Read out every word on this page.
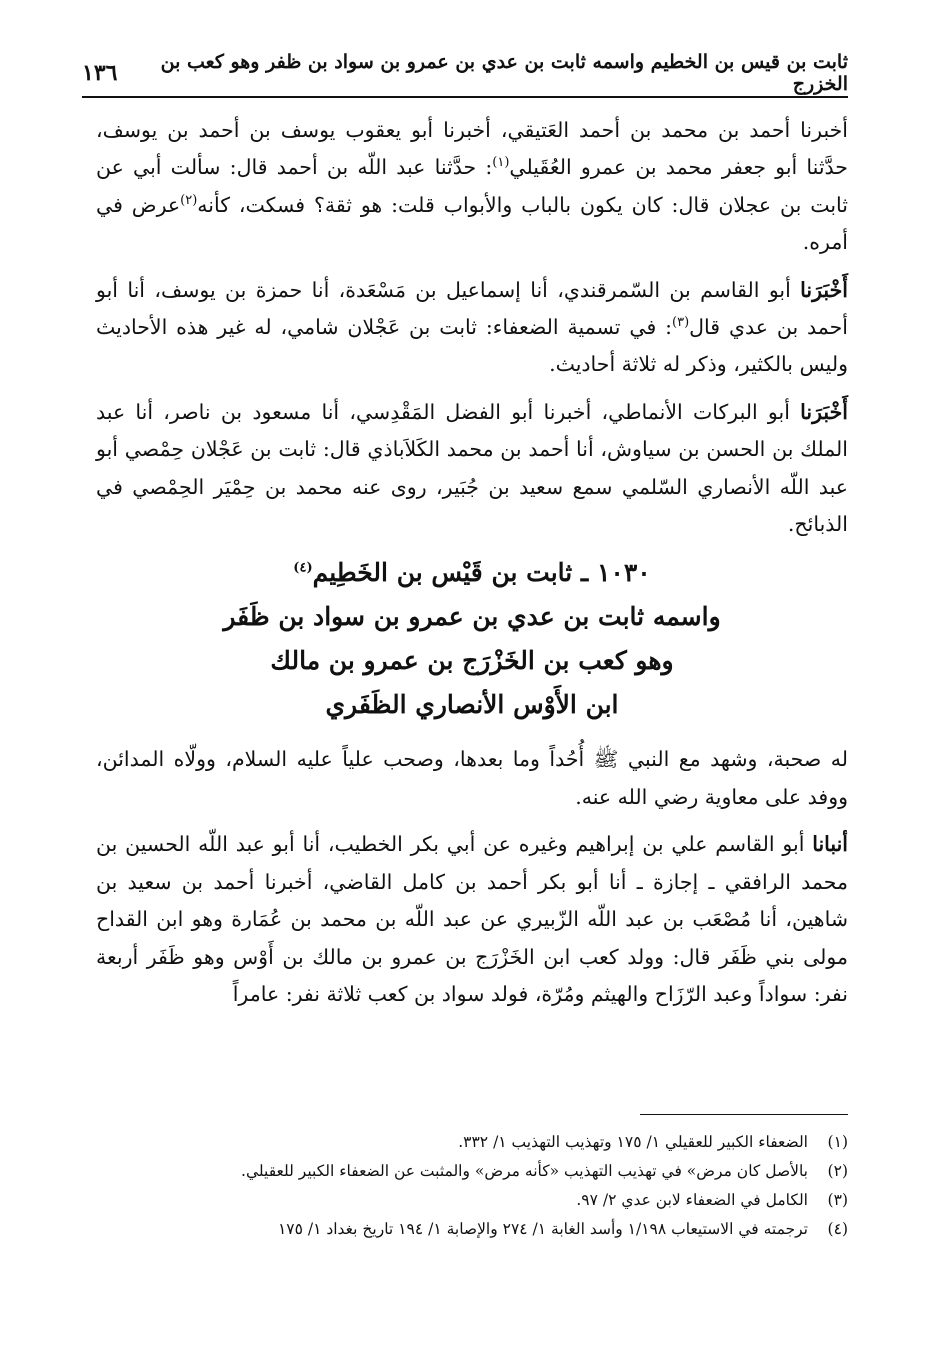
١٣٦	ثابت بن قيس بن الخطيم واسمه ثابت بن عدي بن عمرو بن سواد بن ظفر وهو كعب بن الخزرج

أخبرنا أحمد بن محمد بن أحمد العَتيقي، أخبرنا أبو يعقوب يوسف بن أحمد بن يوسف، حدَّثنا أبو جعفر محمد بن عمرو العُقَيلي$^{(١)}$: حدَّثنا عبد اللّه بن أحمد قال: سألت أبي عن ثابت بن عجلان قال: كان يكون بالباب والأبواب قلت: هو ثقة؟ فسكت، كأنه$^{(٢)}$عرض في أمره.

أَخْبَرَنا أبو القاسم بن السّمرقندي، أنا إسماعيل بن مَسْعَدة، أنا حمزة بن يوسف، أنا أبو أحمد بن عدي قال$^{(٣)}$: في تسمية الضعفاء: ثابت بن عَجْلان شامي، له غير هذه الأحاديث وليس بالكثير، وذكر له ثلاثة أحاديث.

أَخْبَرَنا أبو البركات الأنماطي، أخبرنا أبو الفضل المَقْدِسي، أنا مسعود بن ناصر، أنا عبد الملك بن الحسن بن سياوش، أنا أحمد بن محمد الكَلاَباذي قال: ثابت بن عَجْلان حِمْصي أبو عبد اللّه الأنصاري السّلمي سمع سعيد بن جُبَير، روى عنه محمد بن حِمْيَر الحِمْصي في الذبائح.

١٠٣٠ ـ ثابت بن قَيْس بن الخَطِيم$^{(٤)}$
واسمه ثابت بن عدي بن عمرو بن سواد بن ظَفَر
وهو كعب بن الخَزْرَج بن عمرو بن مالك
ابن الأَوْس الأنصاري الظَفَري

له صحبة، وشهد مع النبي ﷺ أُحُداً وما بعدها، وصحب علياً عليه السلام، وولّاه المدائن، ووفد على معاوية رضي الله عنه.

أنبانا أبو القاسم علي بن إبراهيم وغيره عن أبي بكر الخطيب، أنا أبو عبد اللّه الحسين بن محمد الرافقي ـ إجازة ـ أنا أبو بكر أحمد بن كامل القاضي، أخبرنا أحمد بن سعيد بن شاهين، أنا مُصْعَب بن عبد اللّه الزّبيري عن عبد اللّه بن محمد بن عُمَارة وهو ابن القداح مولى بني ظَفَر قال: وولد كعب ابن الخَزْرَج بن عمرو بن مالك بن أَوْس وهو ظَفَر أربعة نفر: سواداً وعبد الرّزَاح والهيثم ومُرّة، فولد سواد بن كعب ثلاثة نفر: عامراً

(١)
الضعفاء الكبير للعقيلي ١/ ١٧٥ وتهذيب التهذيب ١/ ٣٣٢.
(٢)
بالأصل كان مرض» في تهذيب التهذيب «كأنه مرض» والمثبت عن الضعفاء الكبير للعقيلي.
(٣)
الكامل في الضعفاء لابن عدي ٢/ ٩٧.
(٤)
ترجمته في الاستيعاب ١/١٩٨ وأسد الغابة ١/ ٢٧٤ والإصابة ١/ ١٩٤ تاريخ بغداد ١/ ١٧٥
